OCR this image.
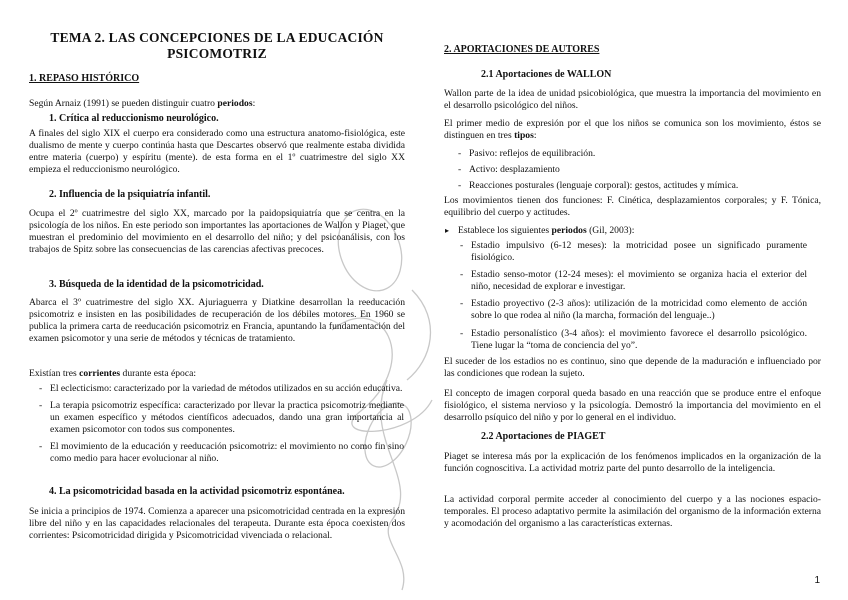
TEMA 2. LAS CONCEPCIONES DE LA EDUCACIÓN
PSICOMOTRIZ
1. REPASO HISTÓRICO
Según Arnaiz (1991) se pueden distinguir cuatro periodos:
1. Crítica al reduccionismo neurológico.
A finales del siglo XIX el cuerpo era considerado como una estructura anatomo-fisiológica, este dualismo de mente y cuerpo continúa hasta que Descartes observó que realmente estaba dividida entre materia (cuerpo) y espíritu (mente). de esta forma en el 1º cuatrimestre del siglo XX empieza el reduccionismo neurológico.
2. Influencia de la psiquiatría infantil.
Ocupa el 2º cuatrimestre del siglo XX, marcado por la paidopsiquiatría que se centra en la psicología de los niños. En este periodo son importantes las aportaciones de Wallon y Piaget, que muestran el predominio del movimiento en el desarrollo del niño; y del psicoanálisis, con los trabajos de Spitz sobre las consecuencias de las carencias afectivas precoces.
3. Búsqueda de la identidad de la psicomotricidad.
Abarca el 3º cuatrimestre del siglo XX. Ajuriaguerra y Diatkine desarrollan la reeducación psicomotriz e insisten en las posibilidades de recuperación de los débiles motores. En 1960 se publica la primera carta de reeducación psicomotriz en Francia, apuntando la fundamentación del examen psicomotor y una serie de métodos y técnicas de tratamiento.
Existían tres corrientes durante esta época:
- El eclecticismo: caracterizado por la variedad de métodos utilizados en su acción educativa.
- La terapia psicomotriz específica: caracterizado por llevar la practica psicomotriz mediante un examen específico y métodos científicos adecuados, dando una gran importancia al examen psicomotor con todos sus componentes.
- El movimiento de la educación y reeducación psicomotriz: el movimiento no como fin sino como medio para hacer evolucionar al niño.
4. La psicomotricidad basada en la actividad psicomotriz espontánea.
Se inicia a principios de 1974. Comienza a aparecer una psicomotricidad centrada en la expresión libre del niño y en las capacidades relacionales del terapeuta. Durante esta época coexisten dos corrientes: Psicomotricidad dirigida y Psicomotricidad vivenciada o relacional.
2. APORTACIONES DE AUTORES
2.1 Aportaciones de WALLON
Wallon parte de la idea de unidad psicobiológica, que muestra la importancia del movimiento en el desarrollo psicológico del niños.
El primer medio de expresión por el que los niños se comunica son los movimiento, éstos se distinguen en tres tipos:
- Pasivo: reflejos de equilibración.
- Activo: desplazamiento
- Reacciones posturales (lenguaje corporal): gestos, actitudes y mímica.
Los movimientos tienen dos funciones: F. Cinética, desplazamientos corporales; y F. Tónica, equilibrio del cuerpo y actitudes.
▸ Establece los siguientes periodos (Gil, 2003):
- Estadio impulsivo (6-12 meses): la motricidad posee un significado puramente fisiológico.
- Estadio senso-motor (12-24 meses): el movimiento se organiza hacia el exterior del niño, necesidad de explorar e investigar.
- Estadio proyectivo (2-3 años): utilización de la motricidad como elemento de acción sobre lo que rodea al niño (la marcha, formación del lenguaje..)
- Estadio personalístico (3-4 años): el movimiento favorece el desarrollo psicológico. Tiene lugar la “toma de conciencia del yo”.
El suceder de los estadios no es continuo, sino que depende de la maduración e influenciado por las condiciones que rodean la sujeto.
El concepto de imagen corporal queda basado en una reacción que se produce entre el enfoque fisiológico, el sistema nervioso y la psicología. Demostró la importancia del movimiento en el desarrollo psíquico del niño y por lo general en el individuo.
2.2 Aportaciones de PIAGET
Piaget se interesa más por la explicación de los fenómenos implicados en la organización de la función cognoscitiva. La actividad motriz parte del punto desarrollo de la inteligencia.
La actividad corporal permite acceder al conocimiento del cuerpo y a las nociones espacio-temporales. El proceso adaptativo permite la asimilación del organismo de la información externa y acomodación del organismo a las características externas.
1
